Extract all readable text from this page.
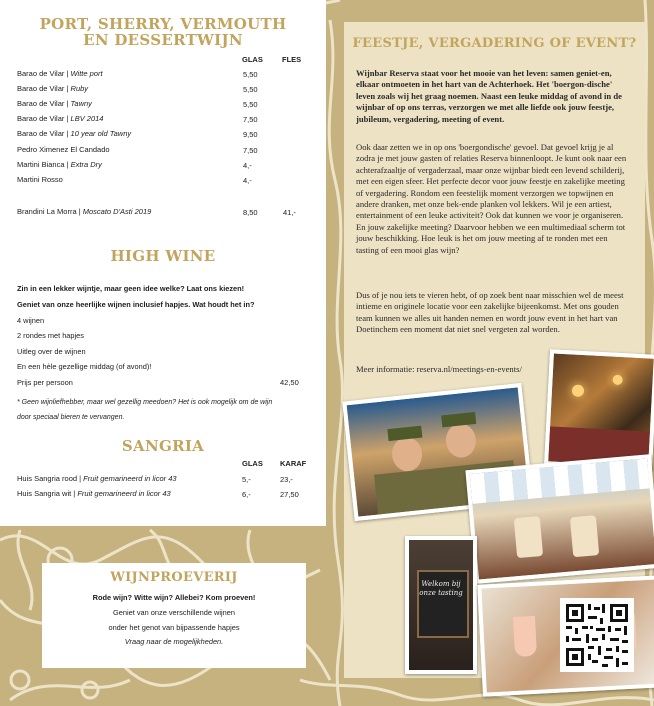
PORT, SHERRY, VERMOUTH
EN DESSERTWIJN
GLAS	FLES
Barao de Vilar | Witte port	5,50
Barao de Vilar | Ruby	5,50
Barao de Vilar | Tawny	5,50
Barao de Vilar | LBV 2014	7,50
Barao de Vilar | 10 year old Tawny	9,50
Pedro Ximenez El Candado	7,50
Martini Bianca | Extra Dry	4,-
Martini Rosso	4,-
Brandini La Morra | Moscato D'Asti 2019	8,50	41,-
HIGH WINE
Zin in een lekker wijntje, maar geen idee welke? Laat ons kiezen!
Geniet van onze heerlijke wijnen inclusief hapjes. Wat houdt het in?
4 wijnen
2 rondes met hapjes
Uitleg over de wijnen
En een hèle gezellige middag (of avond)!
Prijs per persoon	42,50
* Geen wijnliefhebber, maar wel gezellig meedoen? Het is ook mogelijk om de wijn
door speciaal bieren te vervangen.
SANGRIA
GLAS KARAF
Huis Sangria rood | Fruit gemarineerd in licor 43	5,-	23,-
Huis Sangria wit | Fruit gemarineerd in licor 43	6,-	27,50
WIJNPROEVERIJ
Rode wijn? Witte wijn? Allebei? Kom proeven!
Geniet van onze verschillende wijnen
onder het genot van bijpassende hapjes
Vraag naar de mogelijkheden.
FEESTJE, VERGADERING OF EVENT?

Wijnbar Reserva staat voor het mooie van het leven: samen geniet-en, elkaar ontmoeten in het hart van de Achterhoek. Het 'boergon-dische' leven zoals wij het graag noemen. Naast een leuke middag of avond in de wijnbar of op ons terras, verzorgen we met alle liefde ook jouw feestje, jubileum, vergadering, meeting of event.

Ook daar zetten we in op ons 'boergondische' gevoel. Dat gevoel krijg je al zodra je met jouw gasten of relaties Reserva binnenloopt. Je kunt ook naar een achterafzaaltje of vergaderzaal, maar onze wijnbar biedt een levend schilderij, met een eigen sfeer. Het perfecte decor voor jouw feestje en zakelijke meeting of vergadering. Rondom een feestelijk moment verzorgen we topwijnen en andere dranken, met onze bek-ende planken vol lekkers. Wil je een artiest, entertainment of een leuke activiteit? Ook dat kunnen we voor je organiseren. En jouw zakelijke meeting? Daarvoor hebben we een multimediaal scherm tot jouw beschikking. Hoe leuk is het om jouw meeting af te ronden met een tasting of een mooi glas wijn?

Dus of je nou iets te vieren hebt, of op zoek bent naar misschien wel de meest intieme en originele locatie voor een zakelijke bijeenkomst. Met ons gouden team kunnen we alles uit handen nemen en wordt jouw event in het hart van Doetinchem een moment dat niet snel vergeten zal worden.

Meer informatie: reserva.nl/meetings-en-events/

Welkom bij onze tasting
